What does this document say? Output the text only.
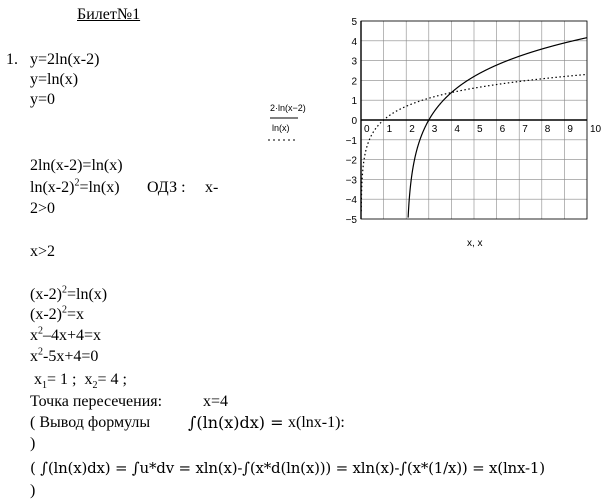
Билет№1
1. y=2ln(x-2)
y=ln(x)
y=0
2ln(x-2)=ln(x)
$\ln(x-2)^2=\ln(x)$ ОДЗ : x-
2>0
x>2
$(x-2)^2=\ln(x)$
$(x-2)^2=x$
$x^2-4x+4=x$
$x^2-5x+4=0$
$x_1= 1$ ; $x_2= 4$ ;
Точка пересечения:	x=4
( Вывод формулы ∫(ln(x)dx) = x(lnx-1):
)
( ∫(ln(x)dx) = ∫u*dv = xln(x)-∫(x*d(ln(x))) = xln(x)-∫(x*(1/x)) = x(lnx-1)
)
0 1 2 3 4 5 6 7 8 9 10
5
4
3
2
1
0
−1
−2
−3
−4
−5
2·ln(x−2)
ln(x)
x, x
